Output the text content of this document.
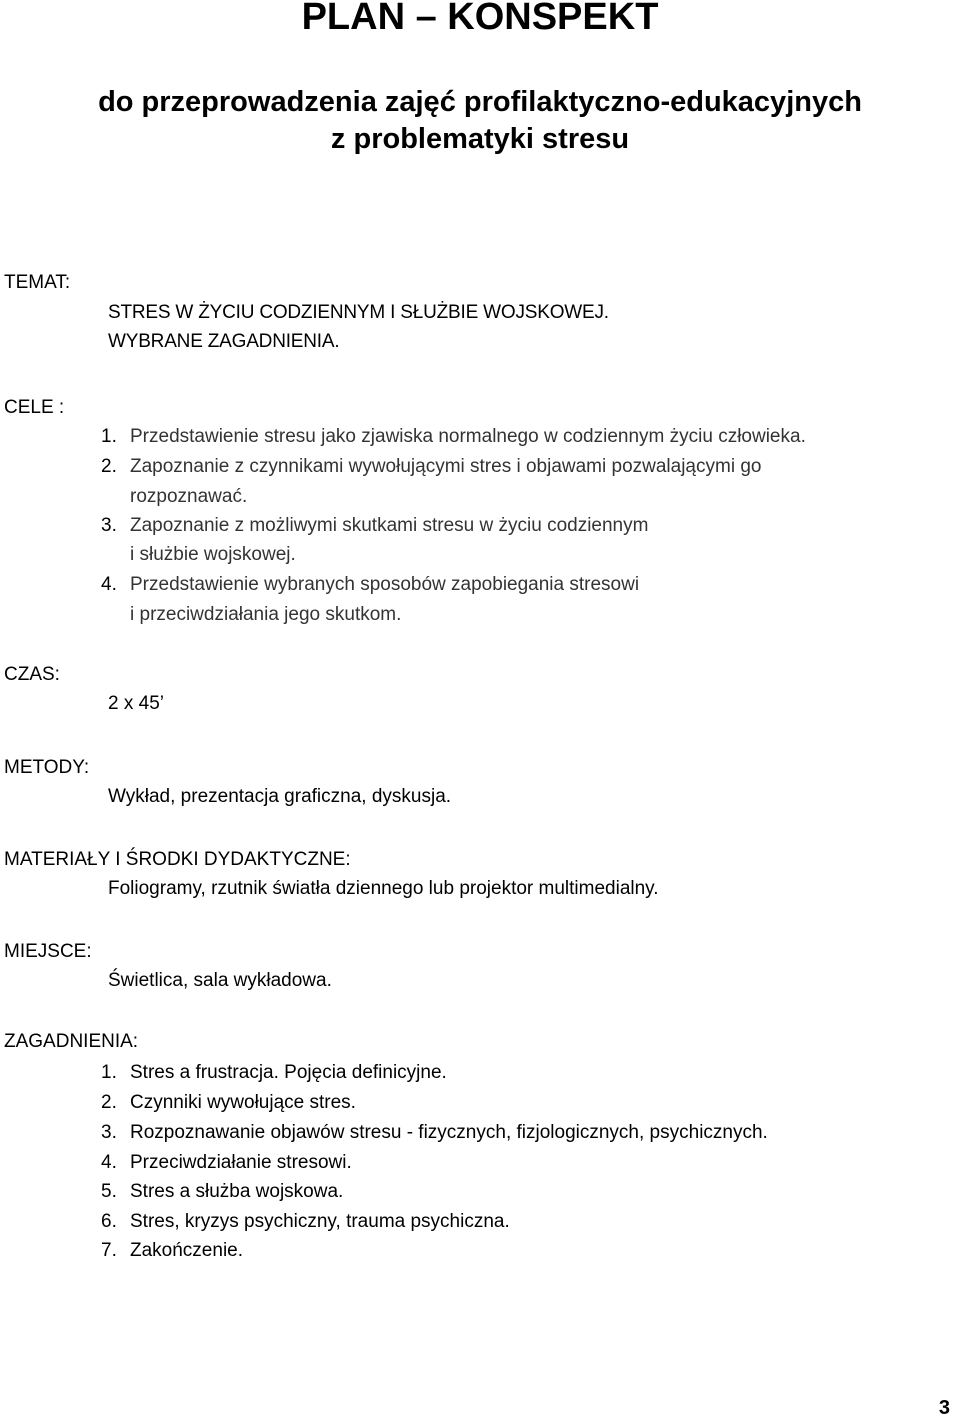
PLAN – KONSPEKT
do przeprowadzenia zajęć profilaktyczno-edukacyjnych
z problematyki stresu
TEMAT:
STRES W ŻYCIU CODZIENNYM I SŁUŻBIE WOJSKOWEJ.
WYBRANE ZAGADNIENIA.
CELE :
1. Przedstawienie stresu jako zjawiska normalnego w codziennym życiu człowieka.
2. Zapoznanie z czynnikami wywołującymi stres i objawami pozwalającymi go
rozpoznawać.
3. Zapoznanie z możliwymi skutkami stresu w życiu codziennym
i służbie wojskowej.
4. Przedstawienie wybranych sposobów zapobiegania stresowi
i przeciwdziałania jego skutkom.
CZAS:
2 x 45’
METODY:
Wykład, prezentacja graficzna, dyskusja.
MATERIAŁY I ŚRODKI DYDAKTYCZNE:
Foliogramy, rzutnik światła dziennego lub projektor multimedialny.
MIEJSCE:
Świetlica, sala wykładowa.
ZAGADNIENIA:
1. Stres a frustracja. Pojęcia definicyjne.
2. Czynniki wywołujące stres.
3. Rozpoznawanie objawów stresu - fizycznych, fizjologicznych, psychicznych.
4. Przeciwdziałanie stresowi.
5. Stres a służba wojskowa.
6. Stres, kryzys psychiczny, trauma psychiczna.
7. Zakończenie.
3
